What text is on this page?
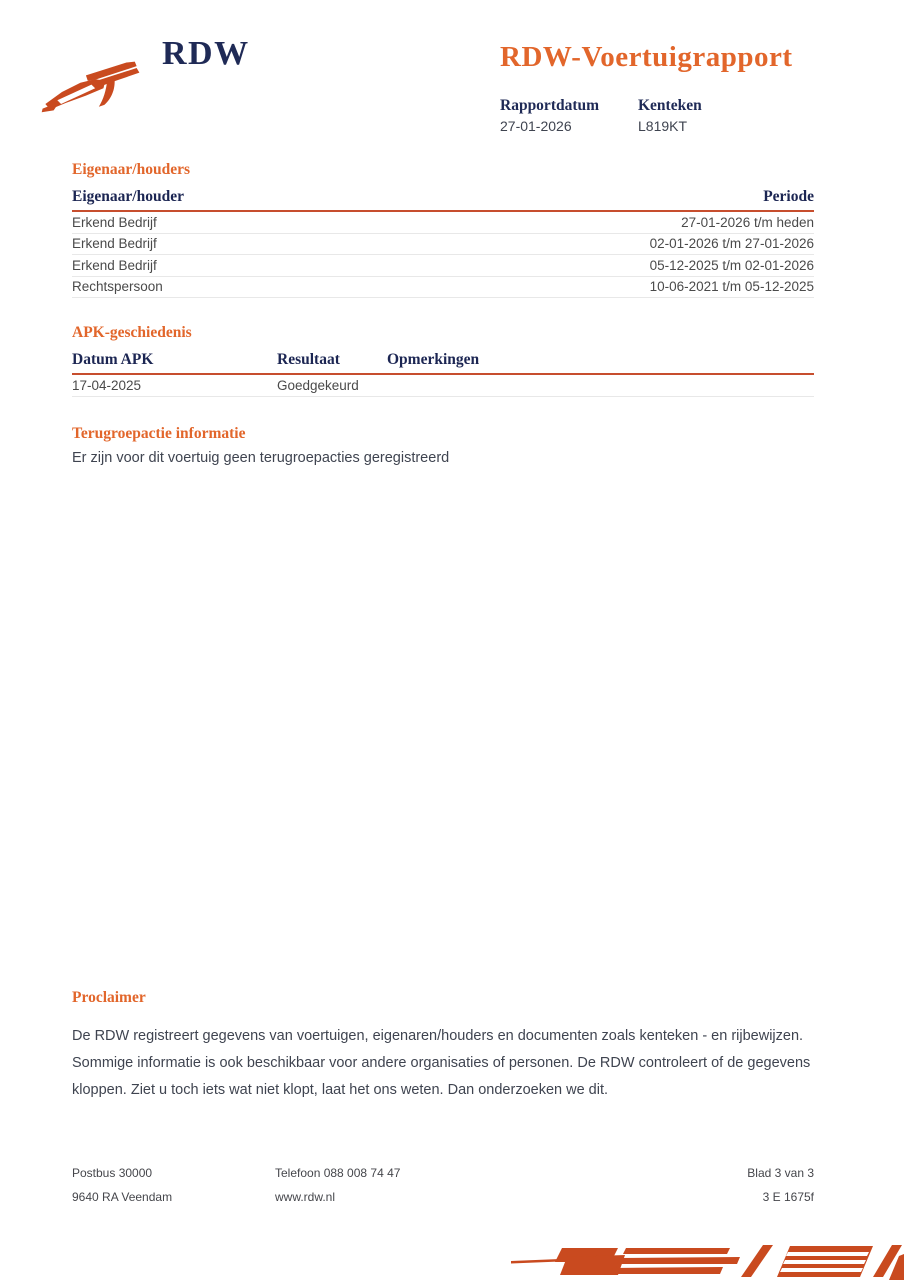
RDW	RDW-Voertuigrapport
Rapportdatum	Kenteken
27-01-2026	L819KT
Eigenaar/houders
Eigenaar/houder	Periode
Erkend Bedrijf	27-01-2026 t/m heden
Erkend Bedrijf	02-01-2026 t/m 27-01-2026
Erkend Bedrijf	05-12-2025 t/m 02-01-2026
Rechtspersoon	10-06-2021 t/m 05-12-2025
APK-geschiedenis
Datum APK	Resultaat	Opmerkingen
17-04-2025	Goedgekeurd
Terugroepactie informatie

Er zijn voor dit voertuig geen terugroepacties geregistreerd

Proclaimer

De RDW registreert gegevens van voertuigen, eigenaren/houders en documenten zoals kenteken - en rijbewijzen. Sommige informatie is ook beschikbaar voor andere organisaties of personen. De RDW controleert of de gegevens kloppen. Ziet u toch iets wat niet klopt, laat het ons weten. Dan onderzoeken we dit.

Postbus 30000	Telefoon 088 008 74 47	Blad 3 van 3
9640 RA Veendam	www.rdw.nl	3 E 1675f
